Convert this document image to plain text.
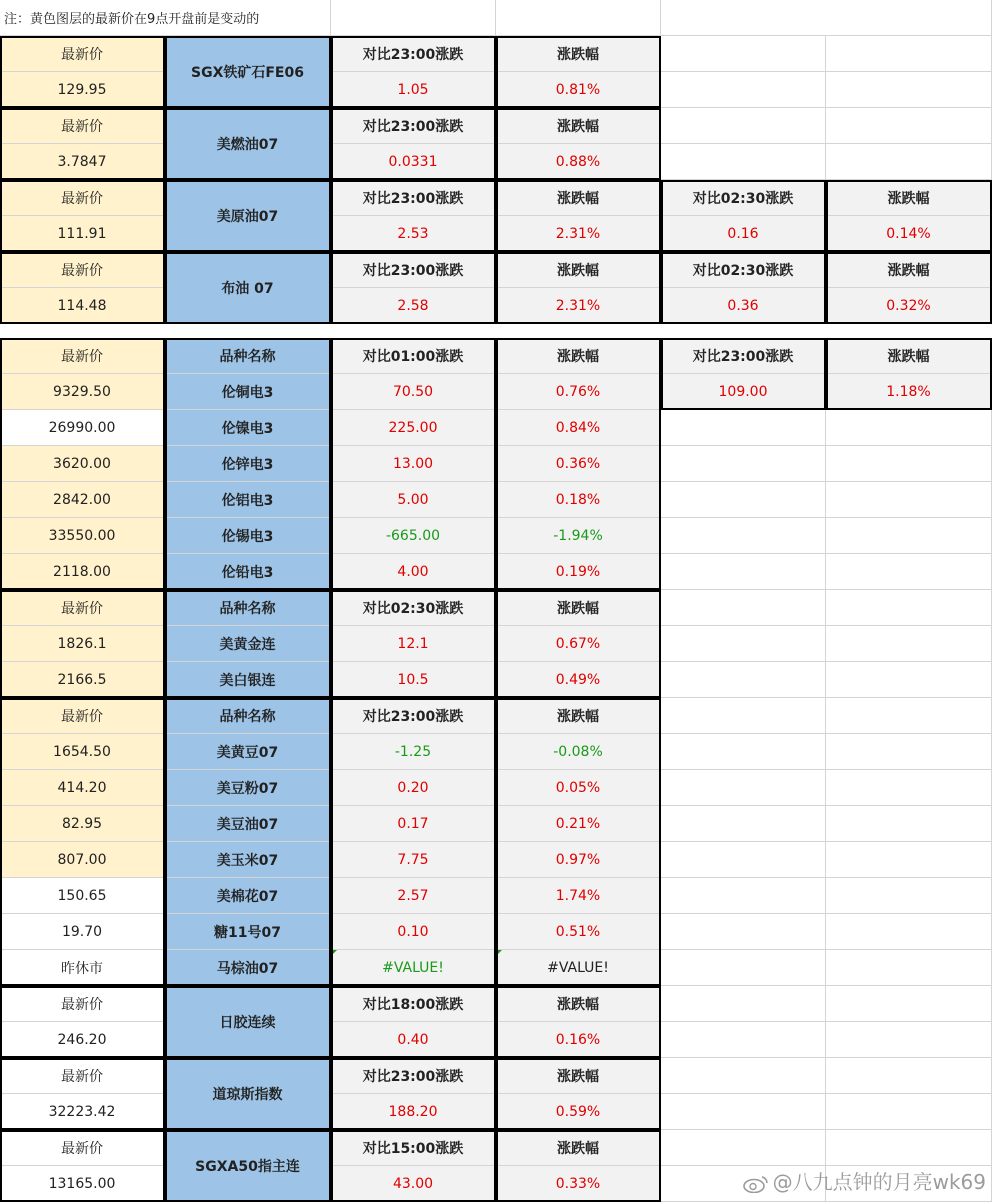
注：黄色图层的最新价在9点开盘前是变动的
最新价
SGX铁矿石FE06
对比23:00涨跌	涨跌幅
129.95	1.05	0.81%
最新价
美燃油07
对比23:00涨跌	涨跌幅
3.7847	0.0331	0.88%
最新价
美原油07
对比23:00涨跌	涨跌幅	对比02:30涨跌	涨跌幅
111.91	2.53	2.31%	0.16	0.14%
最新价
布油 07
对比23:00涨跌	涨跌幅	对比02:30涨跌	涨跌幅
114.48	2.58	2.31%	0.36	0.32%
最新价	品种名称	对比01:00涨跌	涨跌幅	对比23:00涨跌	涨跌幅
9329.50	伦铜电3	70.50	0.76%	109.00	1.18%
26990.00	伦镍电3	225.00	0.84%
3620.00	伦锌电3	13.00	0.36%
2842.00	伦铝电3	5.00	0.18%
33550.00	伦锡电3	-665.00	-1.94%
2118.00	伦铅电3	4.00	0.19%
最新价	品种名称	对比02:30涨跌	涨跌幅
1826.1	美黄金连	12.1	0.67%
2166.5	美白银连	10.5	0.49%
最新价	品种名称	对比23:00涨跌	涨跌幅
1654.50	美黄豆07	-1.25	-0.08%
414.20	美豆粉07	0.20	0.05%
82.95	美豆油07	0.17	0.21%
807.00	美玉米07	7.75	0.97%
150.65	美棉花07	2.57	1.74%
19.70	糖11号07	0.10	0.51%
昨休市	马棕油07	#VALUE!	#VALUE!
最新价
日胶连续
对比18:00涨跌	涨跌幅
246.20	0.40	0.16%
最新价
道琼斯指数
对比23:00涨跌	涨跌幅
32223.42	188.20	0.59%
最新价
SGXA50指主连
对比15:00涨跌	涨跌幅
13165.00	43.00	0.33%	@八九点钟的月亮wk69
